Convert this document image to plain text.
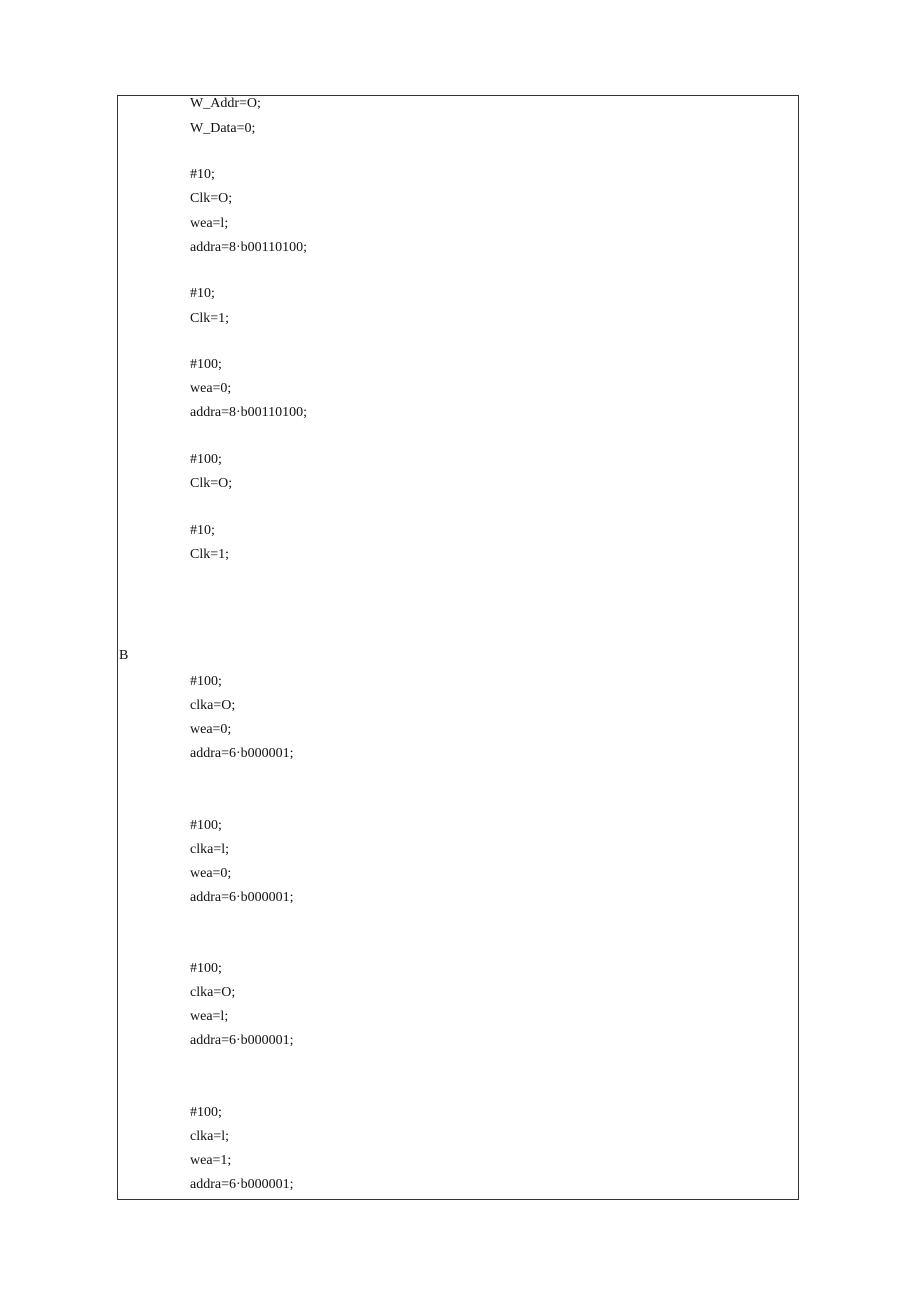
W_Addr=O;
W_Data=0;
#10;
Clk=O;
wea=l;
addra=8·b00110100;
#10;
Clk=1;
#100;
wea=0;
addra=8·b00110100;
#100;
Clk=O;
#10;
Clk=1;
B
#100;
clka=O;
wea=0;
addra=6·b000001;
#100;
clka=l;
wea=0;
addra=6·b000001;
#100;
clka=O;
wea=l;
addra=6·b000001;
#100;
clka=l;
wea=1;
addra=6·b000001;
